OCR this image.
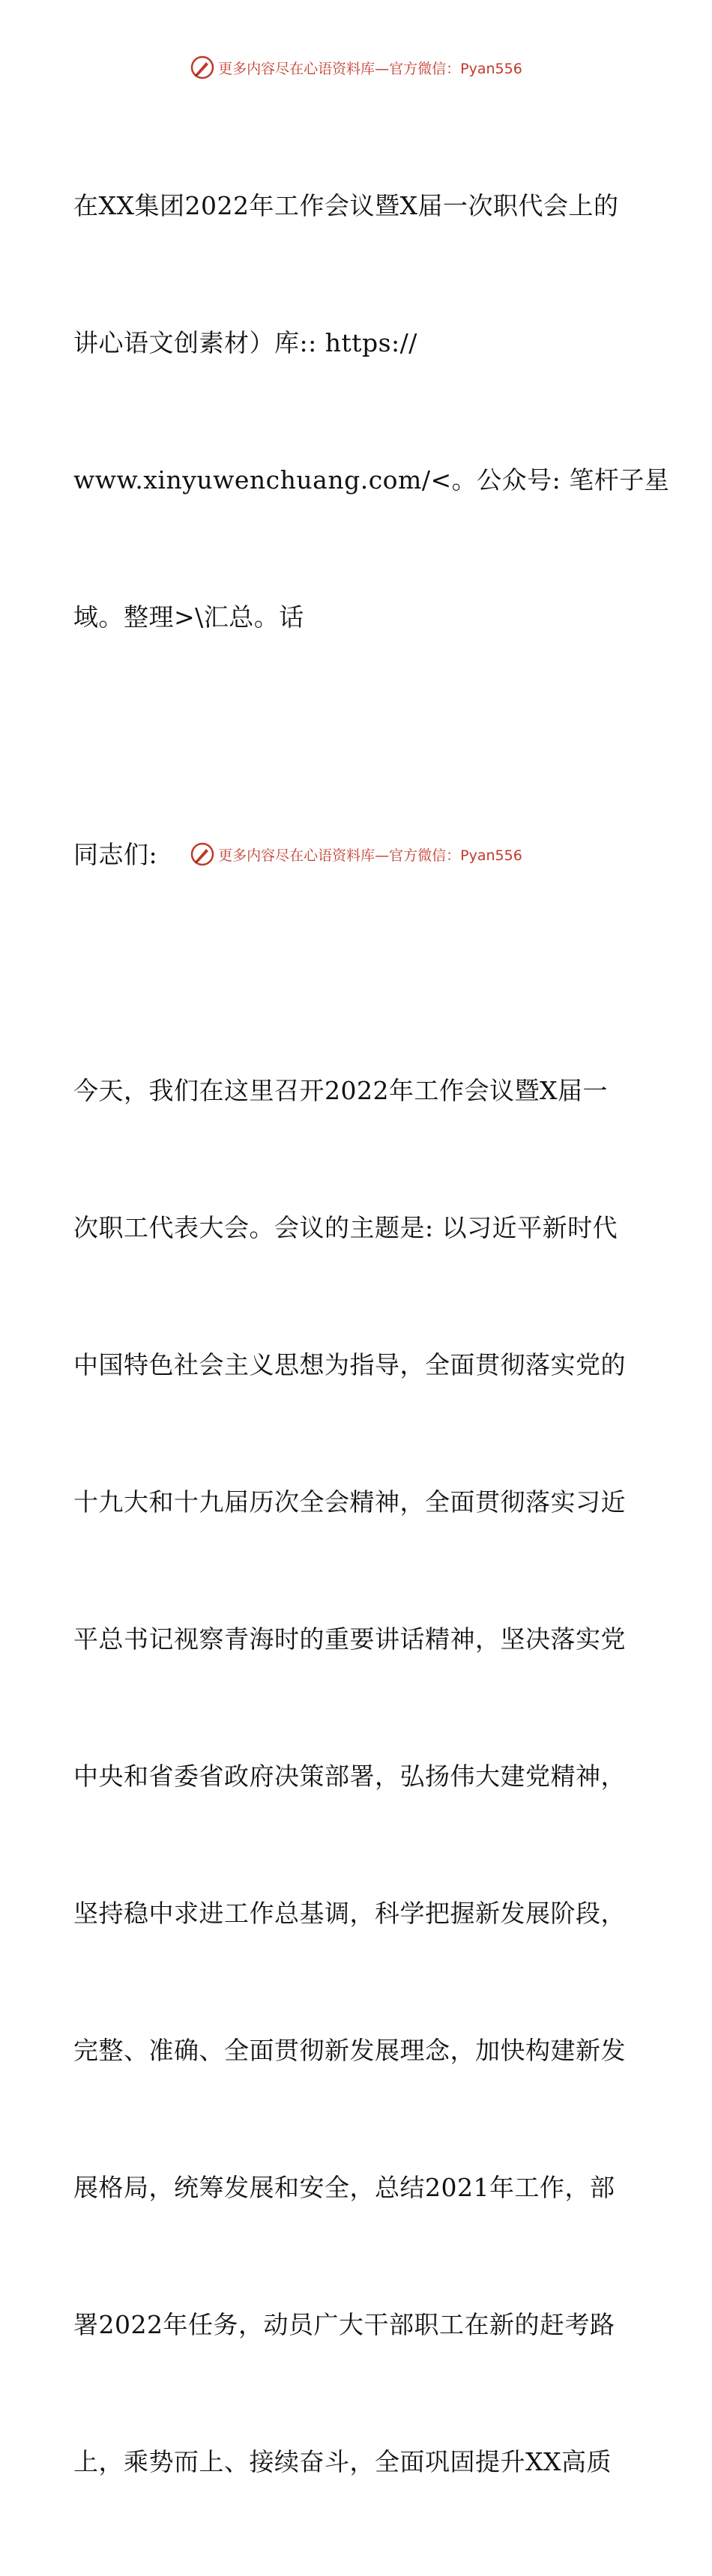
更多内容尽在心语资料库—官方微信：Pyan556

在XX集团2022年工作会议暨X届一次职代会上的

讲心语文创素材）库:: https://

www.xinyuwenchuang.com/<。公众号: 笔杆子星

域。整理>\汇总。话

同志们:

今天，我们在这里召开2022年工作会议暨X届一

次职工代表大会。会议的主题是: 以习近平新时代

中国特色社会主义思想为指导，全面贯彻落实党的

十九大和十九届历次全会精神，全面贯彻落实习近

平总书记视察青海时的重要讲话精神，坚决落实党

中央和省委省政府决策部署，弘扬伟大建党精神，

坚持稳中求进工作总基调，科学把握新发展阶段，

完整、准确、全面贯彻新发展理念，加快构建新发

展格局，统筹发展和安全，总结2021年工作，部

署2022年任务，动员广大干部职工在新的赶考路

上，乘势而上、接续奋斗，全面巩固提升XX高质

更多内容尽在心语资料库—官方微信：Pyan556
